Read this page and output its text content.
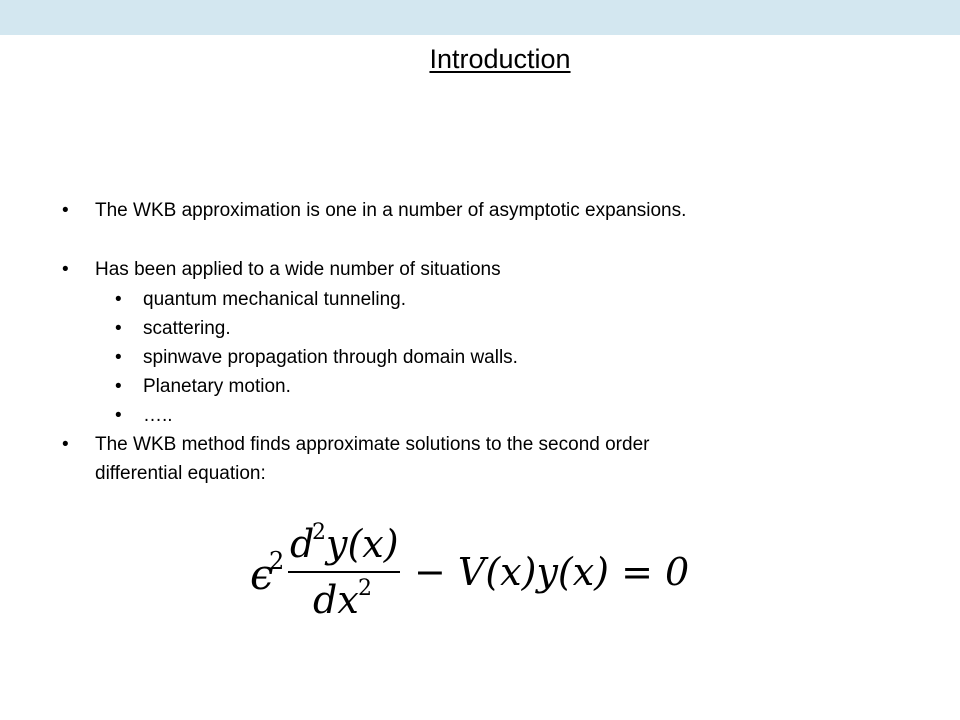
Introduction
• The WKB approximation is one in a number of asymptotic expansions.
• Has been applied to a wide number of situations
• quantum mechanical tunneling.
• scattering.
• spinwave propagation through domain walls.
• Planetary motion.
• …..
• The WKB method finds approximate solutions to the second order
differential equation:
ϵ
2 d
2 y(x)
dx 2 − V(x)y(x) = 0
